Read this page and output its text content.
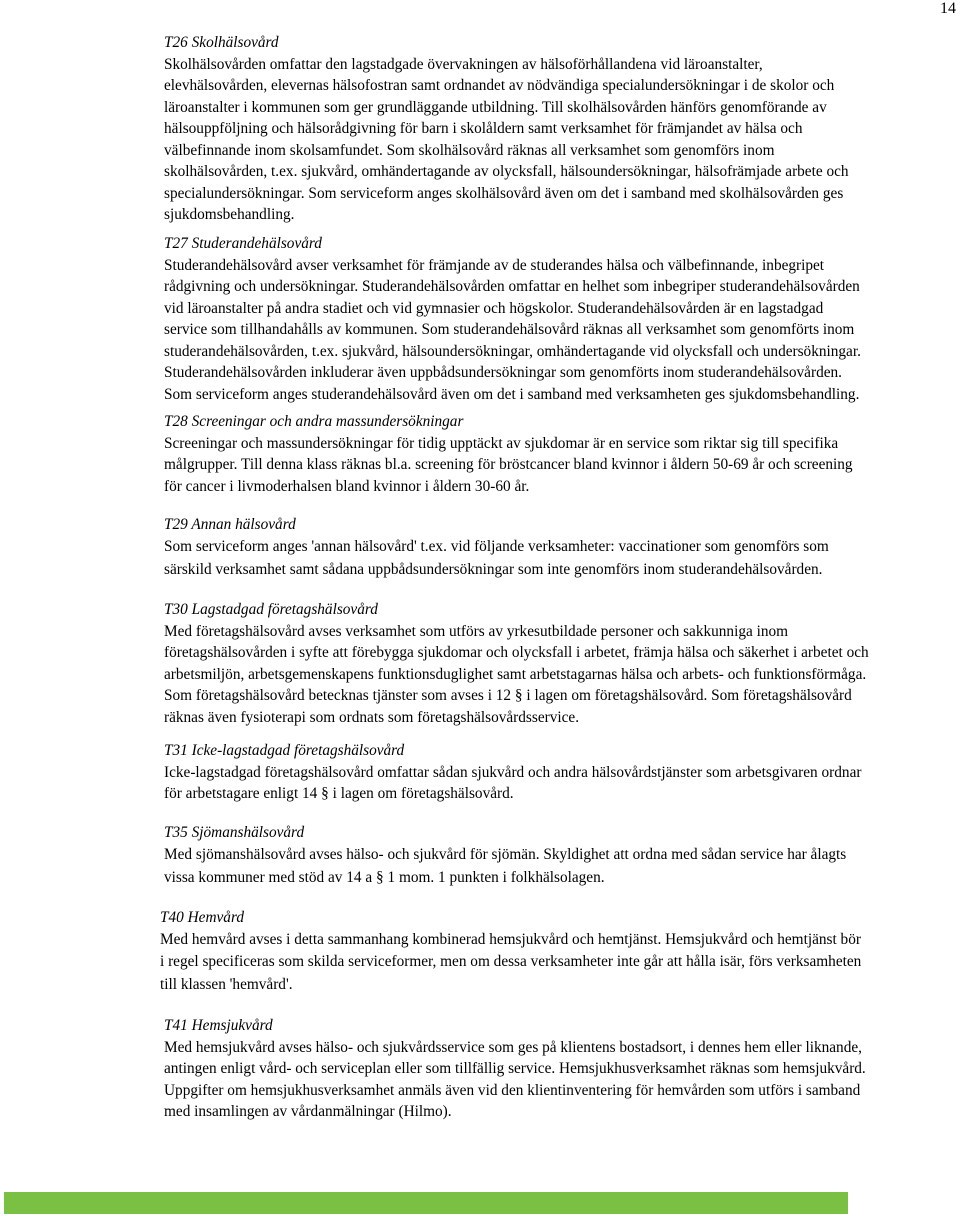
14
T26 Skolhälsovård
Skolhälsovården omfattar den lagstadgade övervakningen av hälsoförhållandena vid läroanstalter,
elevhälsovården, elevernas hälsofostran samt ordnandet av nödvändiga specialundersökningar i de skolor och
läroanstalter i kommunen som ger grundläggande utbildning. Till skolhälsovården hänförs genomförande av
hälsouppföljning och hälsorådgivning för barn i skolåldern samt verksamhet för främjandet av hälsa och
välbefinnande inom skolsamfundet. Som skolhälsovård räknas all verksamhet som genomförs inom
skolhälsovården, t.ex. sjukvård, omhändertagande av olycksfall, hälsoundersökningar, hälsofrämjade arbete och
specialundersökningar. Som serviceform anges skolhälsovård även om det i samband med skolhälsovården ges
sjukdomsbehandling.
T27 Studerandehälsovård
Studerandehälsovård avser verksamhet för främjande av de studerandes hälsa och välbefinnande, inbegripet
rådgivning och undersökningar. Studerandehälsovården omfattar en helhet som inbegriper studerandehälsovården
vid läroanstalter på andra stadiet och vid gymnasier och högskolor. Studerandehälsovården är en lagstadgad
service som tillhandahålls av kommunen. Som studerandehälsovård räknas all verksamhet som genomförts inom
studerandehälsovården, t.ex. sjukvård, hälsoundersökningar, omhändertagande vid olycksfall och undersökningar.
Studerandehälsovården inkluderar även uppbådsundersökningar som genomförts inom studerandehälsovården.
Som serviceform anges studerandehälsovård även om det i samband med verksamheten ges sjukdomsbehandling.
T28 Screeningar och andra massundersökningar
Screeningar och massundersökningar för tidig upptäckt av sjukdomar är en service som riktar sig till specifika
målgrupper. Till denna klass räknas bl.a. screening för bröstcancer bland kvinnor i åldern 50-69 år och screening
för cancer i livmoderhalsen bland kvinnor i åldern 30-60 år.
T29 Annan hälsovård
Som serviceform anges 'annan hälsovård' t.ex. vid följande verksamheter: vaccinationer som genomförs som
särskild verksamhet samt sådana uppbådsundersökningar som inte genomförs inom studerandehälsovården.
T30 Lagstadgad företagshälsovård
Med företagshälsovård avses verksamhet som utförs av yrkesutbildade personer och sakkunniga inom
företagshälsovården i syfte att förebygga sjukdomar och olycksfall i arbetet, främja hälsa och säkerhet i arbetet och
arbetsmiljön, arbetsgemenskapens funktionsduglighet samt arbetstagarnas hälsa och arbets- och funktionsförmåga.
Som företagshälsovård betecknas tjänster som avses i 12 § i lagen om företagshälsovård. Som företagshälsovård
räknas även fysioterapi som ordnats som företagshälsovårdsservice.
T31 Icke-lagstadgad företagshälsovård
Icke-lagstadgad företagshälsovård omfattar sådan sjukvård och andra hälsovårdstjänster som arbetsgivaren ordnar
för arbetstagare enligt 14 § i lagen om företagshälsovård.
T35 Sjömanshälsovård
Med sjömanshälsovård avses hälso- och sjukvård för sjömän. Skyldighet att ordna med sådan service har ålagts
vissa kommuner med stöd av 14 a § 1 mom. 1 punkten i folkhälsolagen.
T40 Hemvård
Med hemvård avses i detta sammanhang kombinerad hemsjukvård och hemtjänst. Hemsjukvård och hemtjänst bör
i regel specificeras som skilda serviceformer, men om dessa verksamheter inte går att hålla isär, förs verksamheten
till klassen 'hemvård'.
T41 Hemsjukvård
Med hemsjukvård avses hälso- och sjukvårdsservice som ges på klientens bostadsort, i dennes hem eller liknande,
antingen enligt vård- och serviceplan eller som tillfällig service. Hemsjukhusverksamhet räknas som hemsjukvård.
Uppgifter om hemsjukhusverksamhet anmäls även vid den klientinventering för hemvården som utförs i samband
med insamlingen av vårdanmälningar (Hilmo).
